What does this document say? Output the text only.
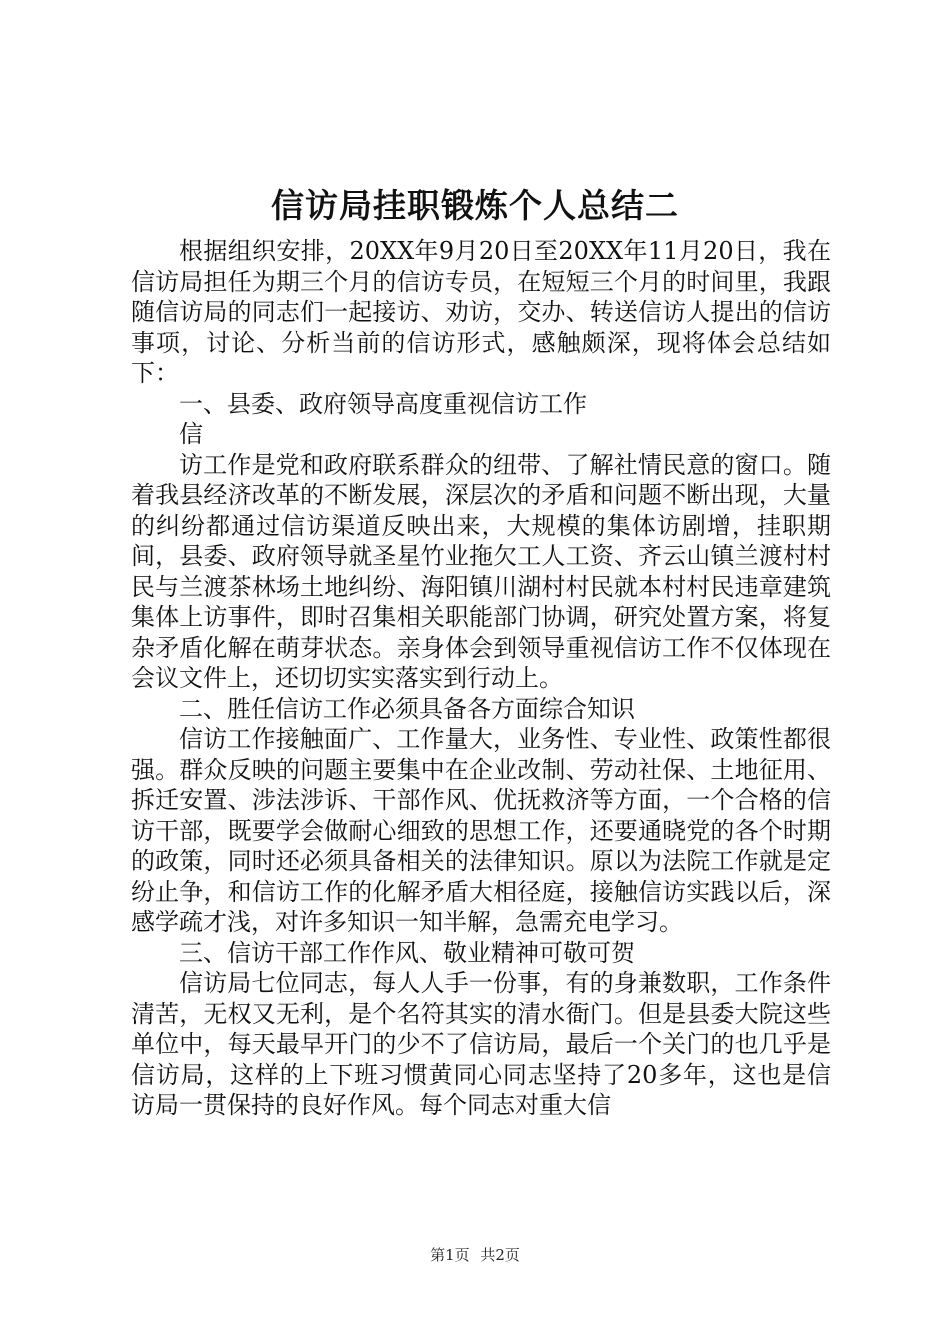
信访局挂职锻炼个人总结二

根据组织安排，20XX年9月20日至20XX年11月20日，我在信访局担任为期三个月的信访专员，在短短三个月的时间里，我跟随信访局的同志们一起接访、劝访，交办、转送信访人提出的信访事项，讨论、分析当前的信访形式，感触颇深，现将体会总结如下：

一、县委、政府领导高度重视信访工作

信

访工作是党和政府联系群众的纽带、了解社情民意的窗口。随着我县经济改革的不断发展，深层次的矛盾和问题不断出现，大量的纠纷都通过信访渠道反映出来，大规模的集体访剧增，挂职期间，县委、政府领导就圣星竹业拖欠工人工资、齐云山镇兰渡村村民与兰渡茶林场土地纠纷、海阳镇川湖村村民就本村村民违章建筑集体上访事件，即时召集相关职能部门协调，研究处置方案，将复杂矛盾化解在萌芽状态。亲身体会到领导重视信访工作不仅体现在会议文件上，还切切实实落实到行动上。

二、胜任信访工作必须具备各方面综合知识

信访工作接触面广、工作量大，业务性、专业性、政策性都很强。群众反映的问题主要集中在企业改制、劳动社保、土地征用、拆迁安置、涉法涉诉、干部作风、优抚救济等方面，一个合格的信访干部，既要学会做耐心细致的思想工作，还要通晓党的各个时期的政策，同时还必须具备相关的法律知识。原以为法院工作就是定纷止争，和信访工作的化解矛盾大相径庭，接触信访实践以后，深感学疏才浅，对许多知识一知半解，急需充电学习。

三、信访干部工作作风、敬业精神可敬可贺

信访局七位同志，每人人手一份事，有的身兼数职，工作条件清苦，无权又无利，是个名符其实的清水衙门。但是县委大院这些单位中，每天最早开门的少不了信访局，最后一个关门的也几乎是信访局，这样的上下班习惯黄同心同志坚持了20多年，这也是信访局一贯保持的良好作风。每个同志对重大信

第1页 共2页
